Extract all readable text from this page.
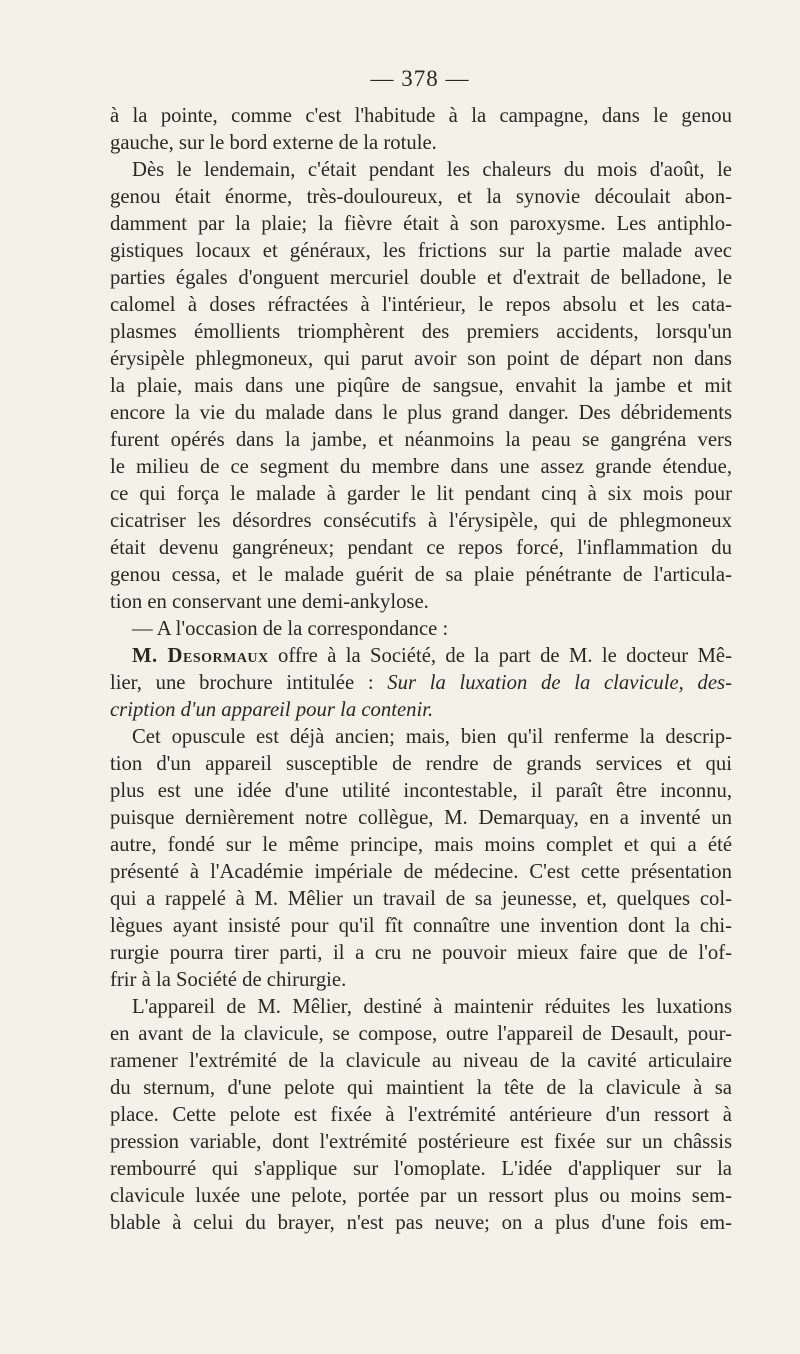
— 378 —
à la pointe, comme c'est l'habitude à la campagne, dans le genou
gauche, sur le bord externe de la rotule.
Dès le lendemain, c'était pendant les chaleurs du mois d'août, le
genou était énorme, très-douloureux, et la synovie découlait abon-
damment par la plaie; la fièvre était à son paroxysme. Les antiphlo-
gistiques locaux et généraux, les frictions sur la partie malade avec
parties égales d'onguent mercuriel double et d'extrait de belladone, le
calomel à doses réfractées à l'intérieur, le repos absolu et les cata-
plasmes émollients triomphèrent des premiers accidents, lorsqu'un
érysipèle phlegmoneux, qui parut avoir son point de départ non dans
la plaie, mais dans une piqûre de sangsue, envahit la jambe et mit
encore la vie du malade dans le plus grand danger. Des débridements
furent opérés dans la jambe, et néanmoins la peau se gangréna vers
le milieu de ce segment du membre dans une assez grande étendue,
ce qui força le malade à garder le lit pendant cinq à six mois pour
cicatriser les désordres consécutifs à l'érysipèle, qui de phlegmoneux
était devenu gangréneux; pendant ce repos forcé, l'inflammation du
genou cessa, et le malade guérit de sa plaie pénétrante de l'articula-
tion en conservant une demi-ankylose.
— A l'occasion de la correspondance :
M. Desormaux offre à la Société, de la part de M. le docteur Mê-
lier, une brochure intitulée : Sur la luxation de la clavicule, des-
cription d'un appareil pour la contenir.
Cet opuscule est déjà ancien; mais, bien qu'il renferme la descrip-
tion d'un appareil susceptible de rendre de grands services et qui
plus est une idée d'une utilité incontestable, il paraît être inconnu,
puisque dernièrement notre collègue, M. Demarquay, en a inventé un
autre, fondé sur le même principe, mais moins complet et qui a été
présenté à l'Académie impériale de médecine. C'est cette présentation
qui a rappelé à M. Mêlier un travail de sa jeunesse, et, quelques col-
lègues ayant insisté pour qu'il fît connaître une invention dont la chi-
rurgie pourra tirer parti, il a cru ne pouvoir mieux faire que de l'of-
frir à la Société de chirurgie.
L'appareil de M. Mêlier, destiné à maintenir réduites les luxations
en avant de la clavicule, se compose, outre l'appareil de Desault, pour-
ramener l'extrémité de la clavicule au niveau de la cavité articulaire
du sternum, d'une pelote qui maintient la tête de la clavicule à sa
place. Cette pelote est fixée à l'extrémité antérieure d'un ressort à
pression variable, dont l'extrémité postérieure est fixée sur un châssis
rembourré qui s'applique sur l'omoplate. L'idée d'appliquer sur la
clavicule luxée une pelote, portée par un ressort plus ou moins sem-
blable à celui du brayer, n'est pas neuve; on a plus d'une fois em-
